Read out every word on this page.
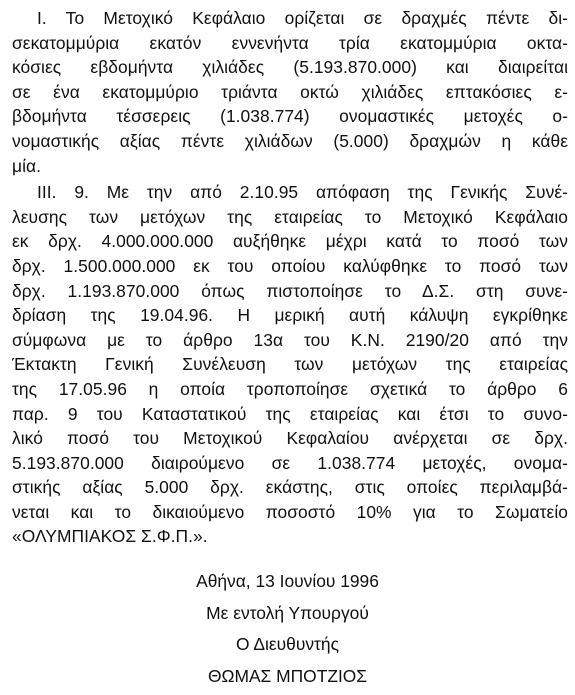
Ι. Το Μετοχικό Κεφάλαιο ορίζεται σε δραχμές πέντε δι-
σεκατομμύρια εκατόν εννενήντα τρία εκατομμύρια οκτα-
κόσιες εβδομήντα χιλιάδες (5.193.870.000) και διαιρείται
σε ένα εκατομμύριο τριάντα οκτώ χιλιάδες επτακόσιες ε-
βδομήντα τέσσερεις (1.038.774) ονομαστικές μετοχές ο-
νομαστικής αξίας πέντε χιλιάδων (5.000) δραχμών η κάθε
μία.
ΙΙΙ. 9. Με την από 2.10.95 απόφαση της Γενικής Συνέ-
λευσης των μετόχων της εταιρείας το Μετοχικό Κεφάλαιο
εκ δρχ. 4.000.000.000 αυξήθηκε μέχρι κατά το ποσό των
δρχ. 1.500.000.000 εκ του οποίου καλύφθηκε το ποσό των
δρχ. 1.193.870.000 όπως πιστοποίησε το Δ.Σ. στη συνε-
δρίαση της 19.04.96. Η μερική αυτή κάλυψη εγκρίθηκε
σύμφωνα με το άρθρο 13α του Κ.Ν. 2190/20 από την
Έκτακτη Γενική Συνέλευση των μετόχων της εταιρείας
της 17.05.96 η οποία τροποποίησε σχετικά το άρθρο 6
παρ. 9 του Καταστατικού της εταιρείας και έτσι το συνο-
λικό ποσό του Μετοχικού Κεφαλαίου ανέρχεται σε δρχ.
5.193.870.000 διαιρούμενο σε 1.038.774 μετοχές, ονομα-
στικής αξίας 5.000 δρχ. εκάστης, στις οποίες περιλαμβά-
νεται και το δικαιούμενο ποσοστό 10% για το Σωματείο
«ΟΛΥΜΠΙΑΚΟΣ Σ.Φ.Π.».
Αθήνα, 13 Ιουνίου 1996
Με εντολή Υπουργού
Ο Διευθυντής
ΘΩΜΑΣ ΜΠΟΤΖΙΟΣ
